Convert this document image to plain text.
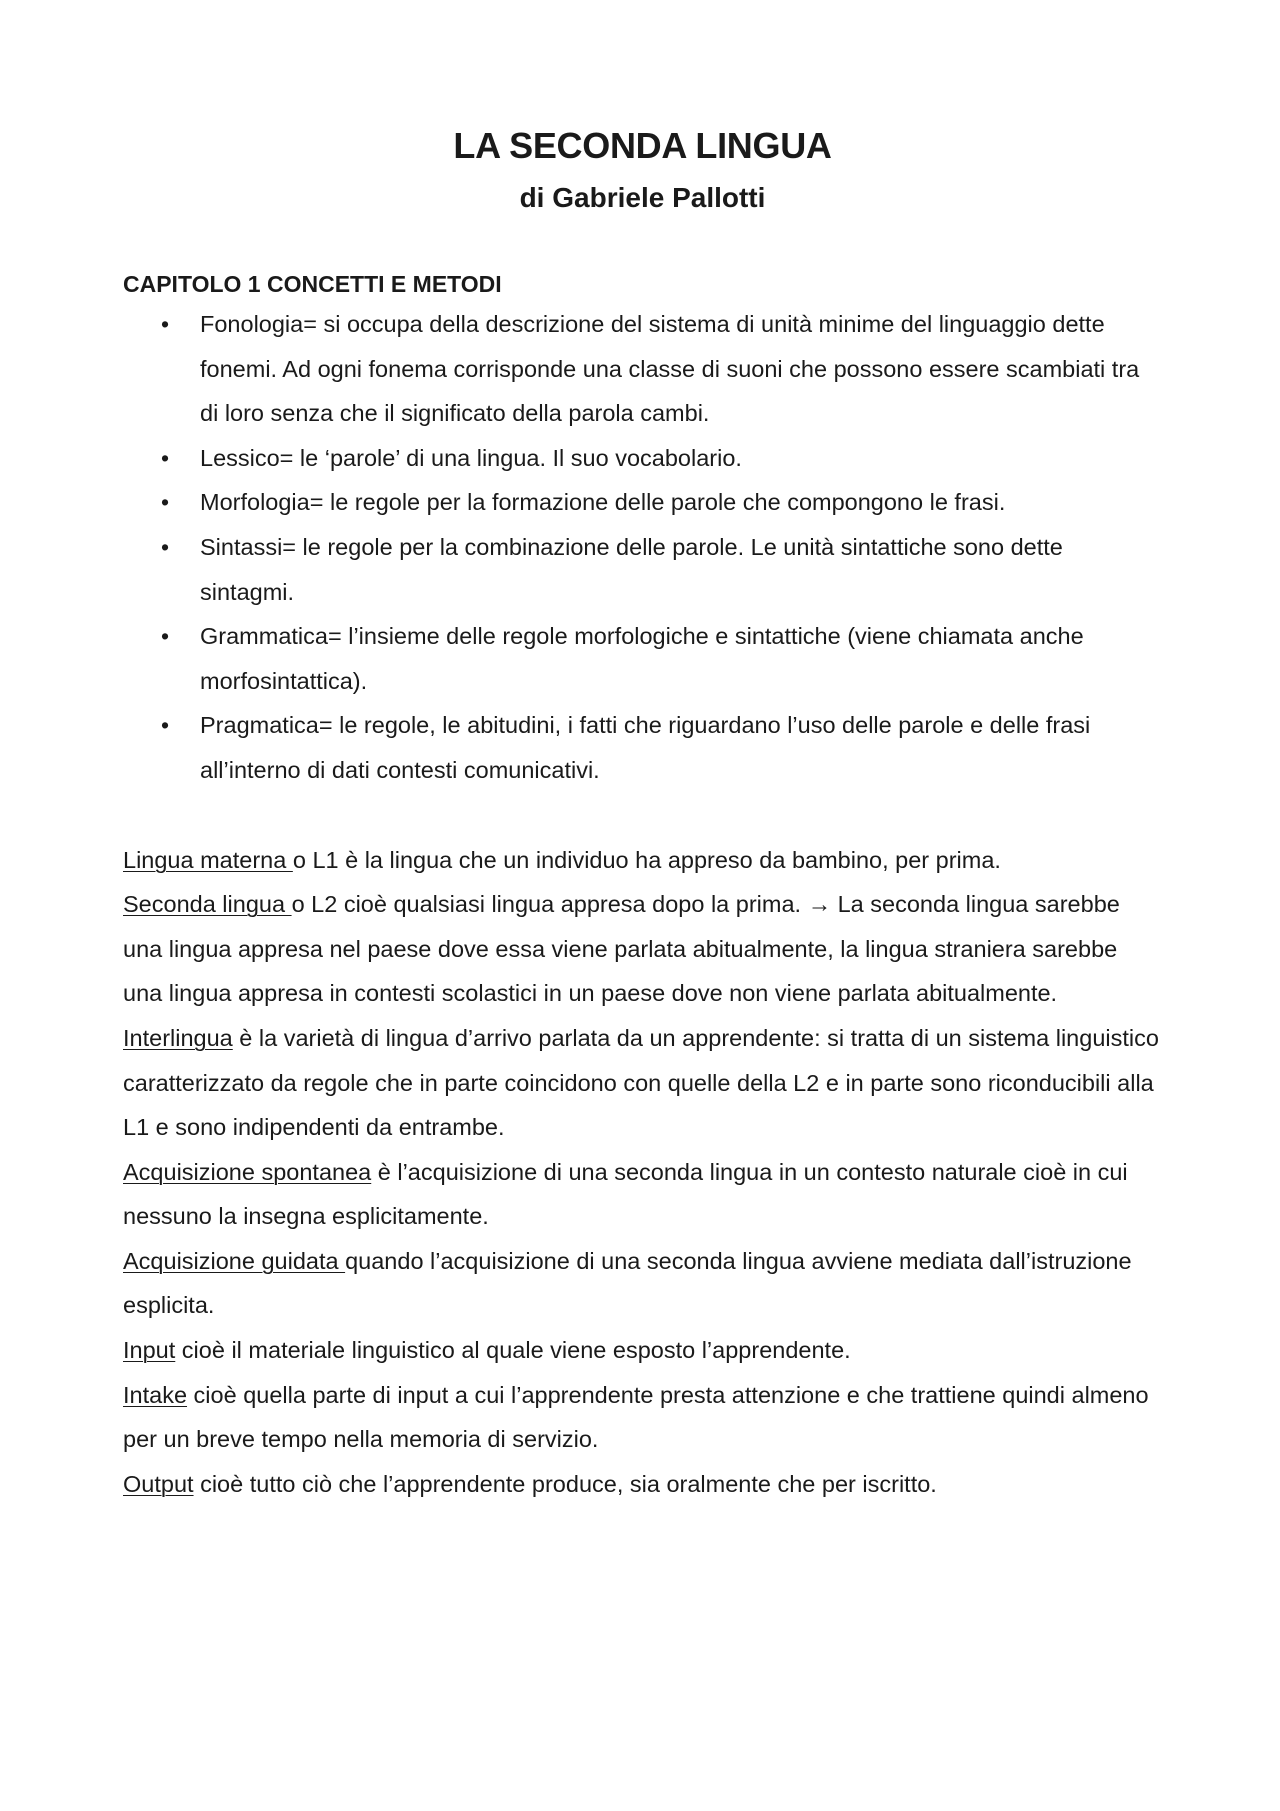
LA SECONDA LINGUA
di Gabriele Pallotti
CAPITOLO 1 CONCETTI E METODI
• Fonologia= si occupa della descrizione del sistema di unità minime del linguaggio dette fonemi. Ad ogni fonema corrisponde una classe di suoni che possono essere scambiati tra di loro senza che il significato della parola cambi.
• Lessico= le ‘parole’ di una lingua. Il suo vocabolario.
• Morfologia= le regole per la formazione delle parole che compongono le frasi.
• Sintassi= le regole per la combinazione delle parole. Le unità sintattiche sono dette sintagmi.
• Grammatica= l’insieme delle regole morfologiche e sintattiche (viene chiamata anche morfosintattica).
• Pragmatica= le regole, le abitudini, i fatti che riguardano l’uso delle parole e delle frasi all’interno di dati contesti comunicativi.

Lingua materna o L1 è la lingua che un individuo ha appreso da bambino, per prima.

Seconda lingua o L2 cioè qualsiasi lingua appresa dopo la prima. → La seconda lingua sarebbe una lingua appresa nel paese dove essa viene parlata abitualmente, la lingua straniera sarebbe una lingua appresa in contesti scolastici in un paese dove non viene parlata abitualmente.

Interlingua è la varietà di lingua d’arrivo parlata da un apprendente: si tratta di un sistema linguistico caratterizzato da regole che in parte coincidono con quelle della L2 e in parte sono riconducibili alla L1 e sono indipendenti da entrambe.

Acquisizione spontanea è l’acquisizione di una seconda lingua in un contesto naturale cioè in cui nessuno la insegna esplicitamente.

Acquisizione guidata quando l’acquisizione di una seconda lingua avviene mediata dall’istruzione esplicita.

Input cioè il materiale linguistico al quale viene esposto l’apprendente.

Intake cioè quella parte di input a cui l’apprendente presta attenzione e che trattiene quindi almeno per un breve tempo nella memoria di servizio.

Output cioè tutto ciò che l’apprendente produce, sia oralmente che per iscritto.
